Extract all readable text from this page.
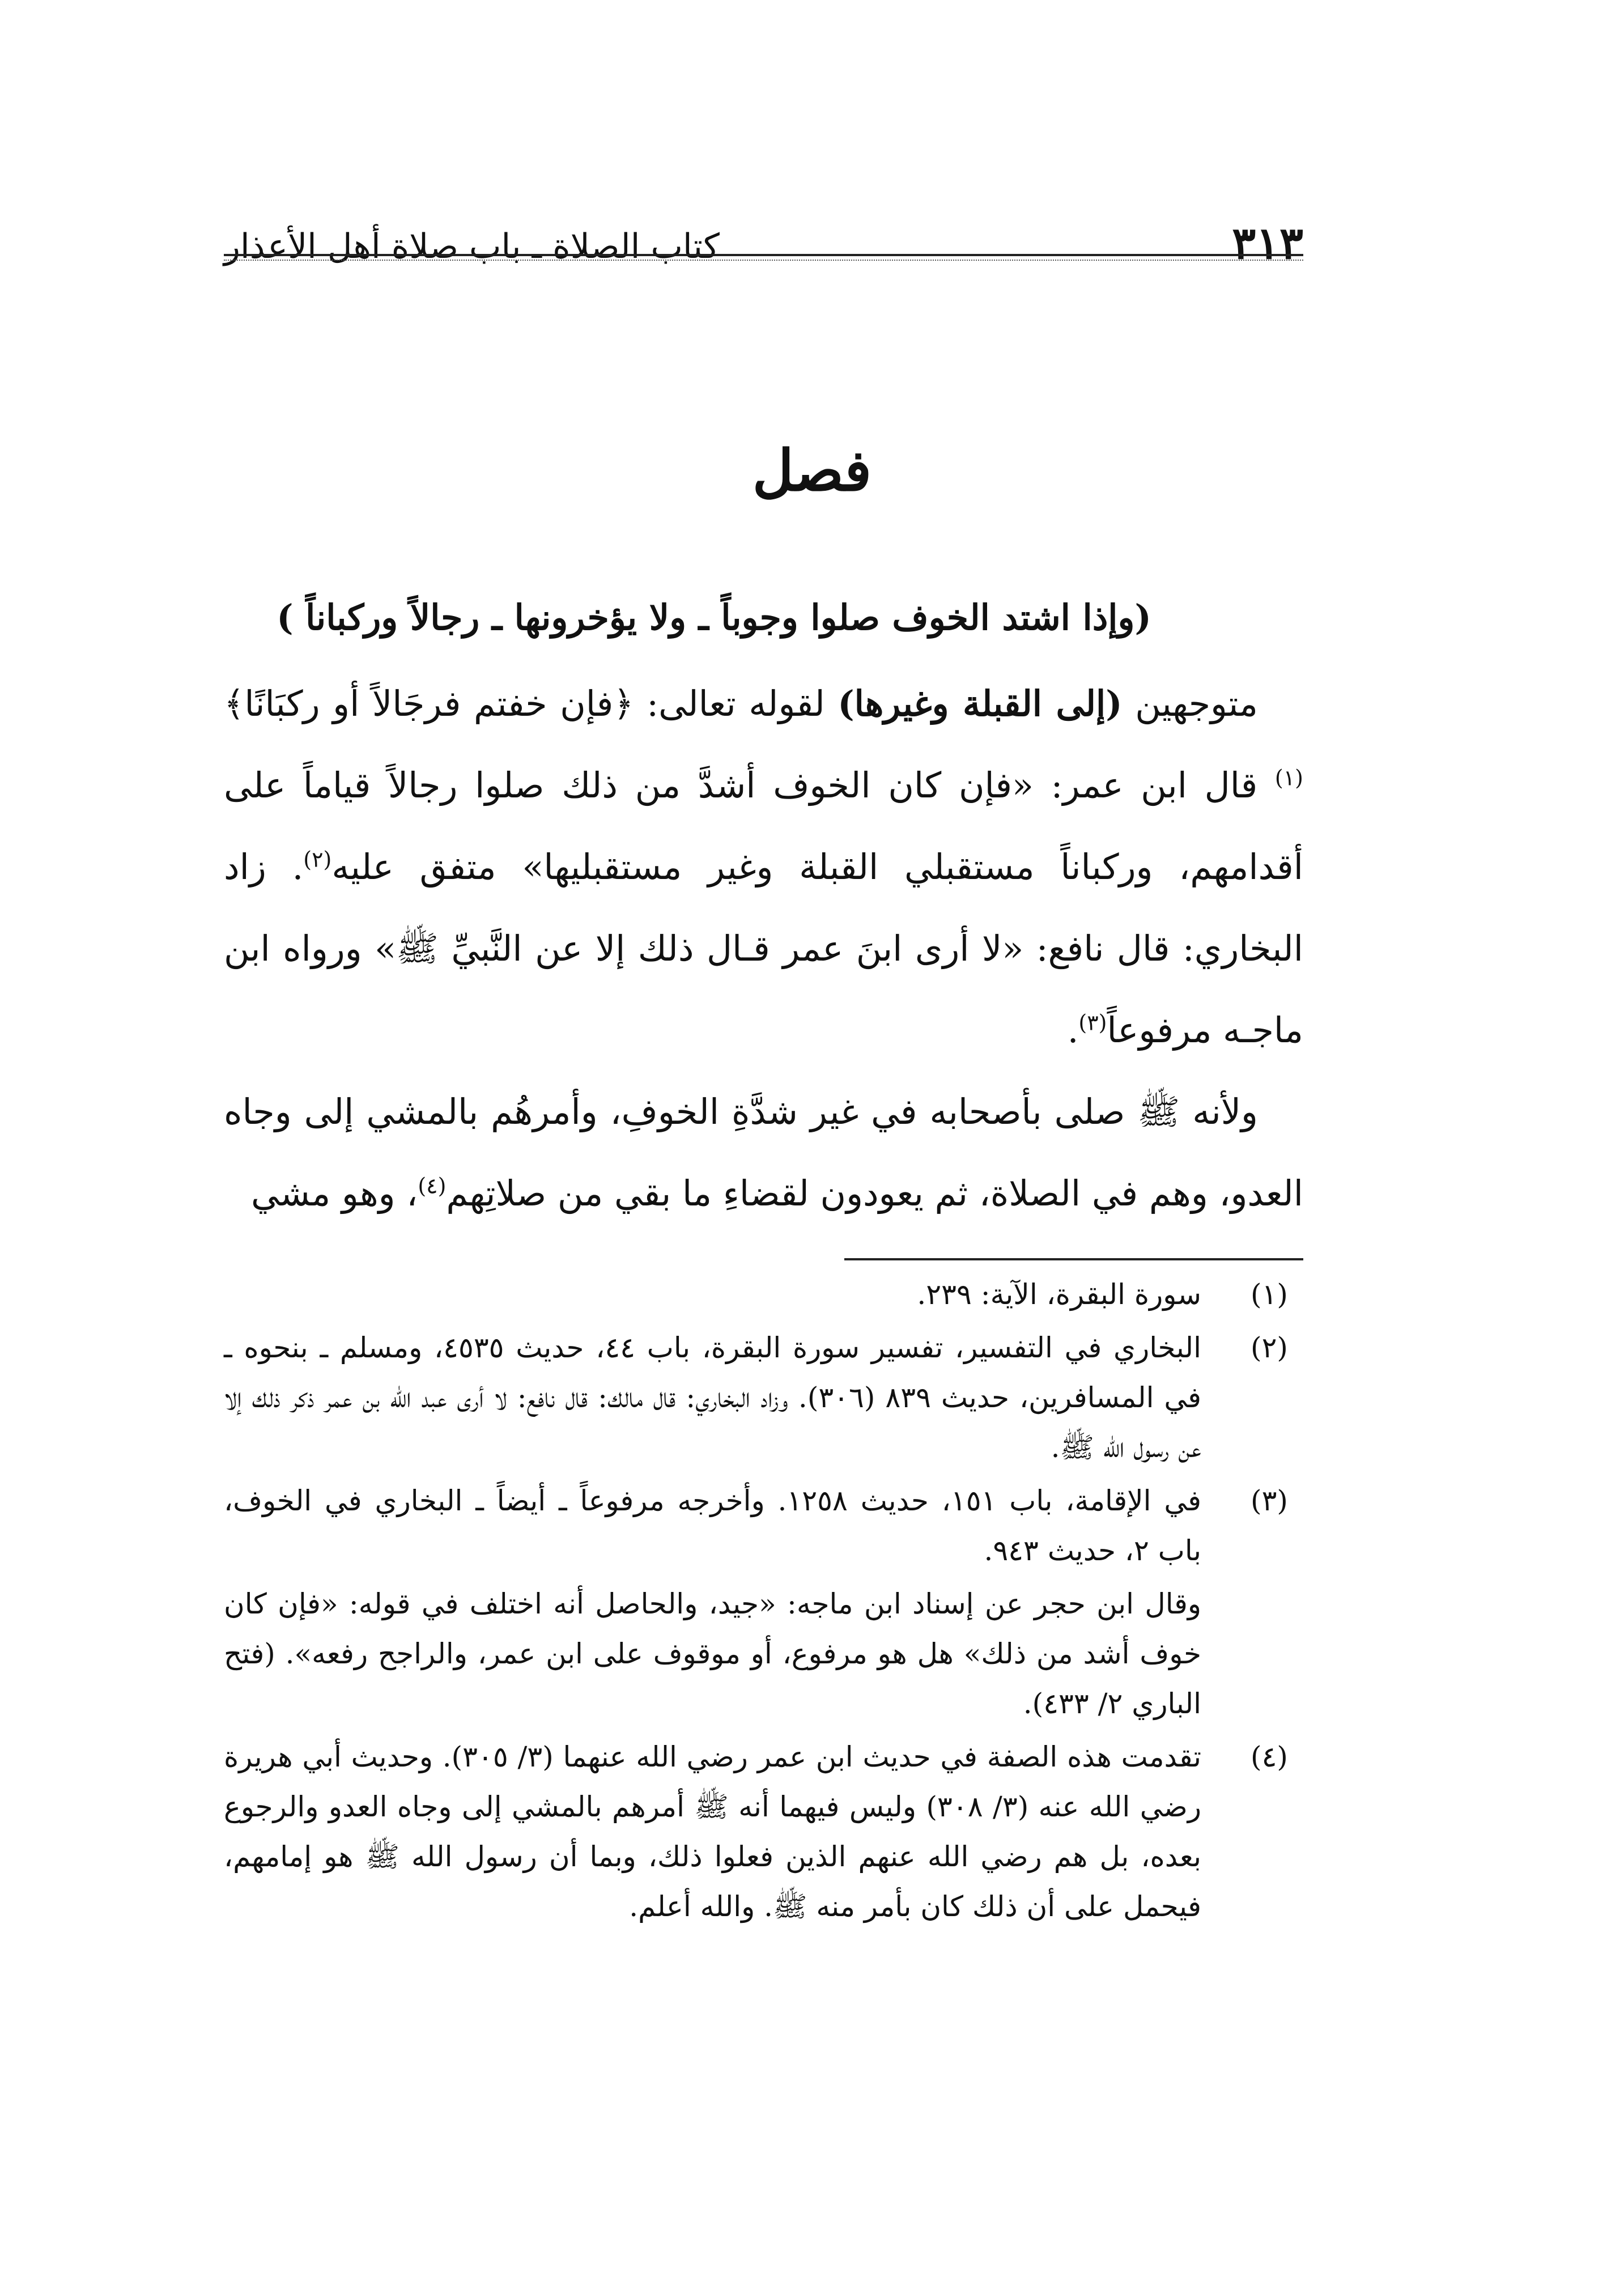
٣١٣
كتاب الصلاة ـ باب صلاة أهل الأعذار
فصل
(وإذا اشتد الخوف صلوا وجوباً ـ ولا يؤخرونها ـ رجالاً وركباناً )

متوجهين (إلى القبلة وغيرها) لقوله تعالى: ﴿فإن خفتم فرجَالاً أو ركبَانًا﴾$^{(١)}$ قال ابن عمر: «فإن كان الخوف أشدَّ من ذلك صلوا رجالاً قياماً على أقدامهم، وركباناً مستقبلي القبلة وغير مستقبليها» متفق عليه$^{(٢)}$. زاد البخاري: قال نافع: «لا أرى ابنَ عمر قـال ذلك إلا عن النَّبيِّ ﷺ» ورواه ابن ماجـه مرفوعاً$^{(٣)}$.

ولأنه ﷺ صلى بأصحابه في غير شدَّةِ الخوفِ، وأمرهُم بالمشي إلى وجاه العدو، وهم في الصلاة، ثم يعودون لقضاءِ ما بقي من صلاتِهم$^{(٤)}$، وهو مشي

(١)
سورة البقرة، الآية: ٢٣٩.
(٢)
البخاري في التفسير، تفسير سورة البقرة، باب ٤٤، حديث ٤٥٣٥، ومسلم ـ بنحوه ـ في المسافرين، حديث ٨٣٩ (٣٠٦). وزاد البخاري: قال مالك: قال نافع: لا أرى عبد الله بن عمر ذكر ذلك إلا عن رسول الله ﷺ.
(٣)
في الإقامة، باب ١٥١، حديث ١٢٥٨. وأخرجه مرفوعاً ـ أيضاً ـ البخاري في الخوف، باب ٢، حديث ٩٤٣.
وقال ابن حجر عن إسناد ابن ماجه: «جيد، والحاصل أنه اختلف في قوله: «فإن كان خوف أشد من ذلك» هل هو مرفوع، أو موقوف على ابن عمر، والراجح رفعه». (فتح الباري ٢/ ٤٣٣).
(٤)
تقدمت هذه الصفة في حديث ابن عمر رضي الله عنهما (٣/ ٣٠٥). وحديث أبي هريرة رضي الله عنه (٣/ ٣٠٨) وليس فيهما أنه ﷺ أمرهم بالمشي إلى وجاه العدو والرجوع بعده، بل هم رضي الله عنهم الذين فعلوا ذلك، وبما أن رسول الله ﷺ هو إمامهم، فيحمل على أن ذلك كان بأمر منه ﷺ. والله أعلم.
